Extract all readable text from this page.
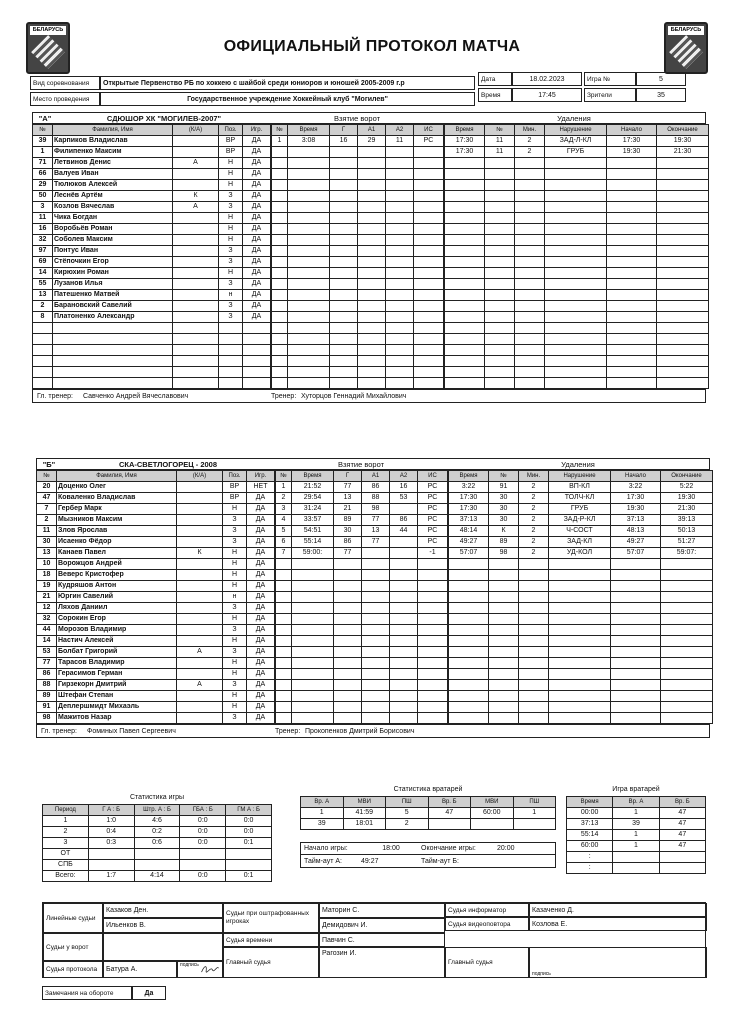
ОФИЦИАЛЬНЫЙ ПРОТОКОЛ МАТЧА
БЕЛАРУСЬ	БЕЛАРУСЬ
Вид соревнования	Открытые Первенство РБ по хоккею с шайбой среди юниоров и юношей 2005-2009 г.р
Место проведения	Государственное учреждение Хоккейный клуб "Могилев"
Дата	18.02.2023	Игра №	5
Время	17:45	Зрители	35
"А"	СДЮШОР ХК "МОГИЛЕВ-2007"	Взятие ворот	Удаления
№	Фамилия, Имя	(К/А)	Поз.	Игр.
39	Карпиков Владислав		ВР	ДА
1	Филипенко Максим		ВР	ДА
71	Летвинов Денис	А	Н	ДА
66	Валуев Иван		Н	ДА
29	Тюлюков Алексей		Н	ДА
50	Леснёв Артём	К	З	ДА
3	Козлов Вячеслав	А	З	ДА
11	Чика Богдан		Н	ДА
16	Воробьёв Роман		Н	ДА
32	Соболев Максим		Н	ДА
97	Понтус Иван		З	ДА
69	Стёпочкин Егор		З	ДА
14	Кирюхин Роман		Н	ДА
55	Лузанов Илья		З	ДА
13	Патешенко Матвей		н	ДА
2	Барановский Савелий		З	ДА
8	Платоненко Александр		З	ДА

№	Время	Г	А1	А2	ИС
1	3:08	16	29	11	РС

Время	№	Мин.	Нарушение	Начало	Окончание
17:30	11	2	ЗАД-Л-КЛ	17:30	19:30
17:30	11	2	ГРУБ	19:30	21:30

Гл. тренер:	Савченко Андрей Вячеславович	Тренер: Хуторцов Геннадий Михайлович
"Б"	СКА-СВЕТЛОГОРЕЦ - 2008	Взятие ворот	Удаления
№	Фамилия, Имя	(К/А)	Поз.	Игр.
20	Доценко Олег		ВР	НЕТ
47	Коваленко Владислав		ВР	ДА
7	Гербер Марк		Н	ДА
2	Мызников Максим		З	ДА
11	Злов Ярослав		З	ДА
30	Исаенко Фёдор		З	ДА
13	Канаев Павел	К	Н	ДА
10	Ворожцов Андрей		Н	ДА
18	Веверс Кристофер		Н	ДА
19	Кудряшов Антон		Н	ДА
21	Юргин Савелий		н	ДА
12	Ляхов Даниил		З	ДА
32	Сорокин Егор		Н	ДА
44	Морозов Владимир		З	ДА
14	Настич Алексей		Н	ДА
53	Болбат Григорий	А	З	ДА
77	Тарасов Владимир		Н	ДА
86	Герасимов Герман		Н	ДА
88	Гирзекорн Дмитрий	А	З	ДА
89	Штефан Степан		Н	ДА
91	Деплершмидт Михаэль		Н	ДА
98	Мажитов Назар		З	ДА
№	Время	Г	А1	А2	ИС
1	21:52	77	86	16	РС
2	29:54	13	88	53	РС
3	31:24	21	98		РС
4	33:57	89	77	86	РС
5	54:51	30	13	44	РС
6	55:14	86	77		РС
7	59:00:	77			-1

Время	№	Мин.	Нарушение	Начало	Окончание
3:22	91	2	ВП-КЛ	3:22	5:22
17:30	30	2	ТОЛЧ-КЛ	17:30	19:30
17:30	30	2	ГРУБ	19:30	21:30
37:13	30	2	ЗАД-Р-КЛ	37:13	39:13
48:14	К	2	Ч-СОСТ	48:13	50:13
49:27	89	2	ЗАД-КЛ	49:27	51:27
57:07	98	2	УД-КОЛ	57:07	59:07:

Гл. тренер:	Фоминых Павел Сергеевич	Тренер: Прокопенков Дмитрий Борисович
Статистика игры
Период	Г А : Б	Штр. А : Б	ГБА : Б	ГМ А : Б
1	1:0	4:6	0:0	0:0
2	0:4	0:2	0:0	0:0
3	0:3	0:6	0:0	0:1
ОТ				
СПБ				
Всего:	1:7	4:14	0:0	0:1
Статистика вратарей
Вр. А	МВИ	ПШ	Вр. Б	МВИ	ПШ
1	41:59	5	47	60:00	1
39	18:01	2			
Начало игры:	18:00	Окончание игры:	20:00
Тайм-аут А:	49:27	Тайм-аут Б:
Игра вратарей
Время	Вр. А	Вр. Б
00:00	1	47
37:13	39	47
55:14	1	47
60:00	1	47
:		
:		
Линейные судьи
Казаков Ден.
Ильенков В.
Судьи у ворот
Судья протокола	Батура А.
подпись
Судьи при оштрафованных игроках
Маторин С.
Демидович И.
Судья времени	Павчин С.
Главный судья
Рагозин И.
Судья информатор	Казаченко Д.
Судья видеоповтора	Козлова Е.
Главный судья
подпись
Замечания на обороте	Да
